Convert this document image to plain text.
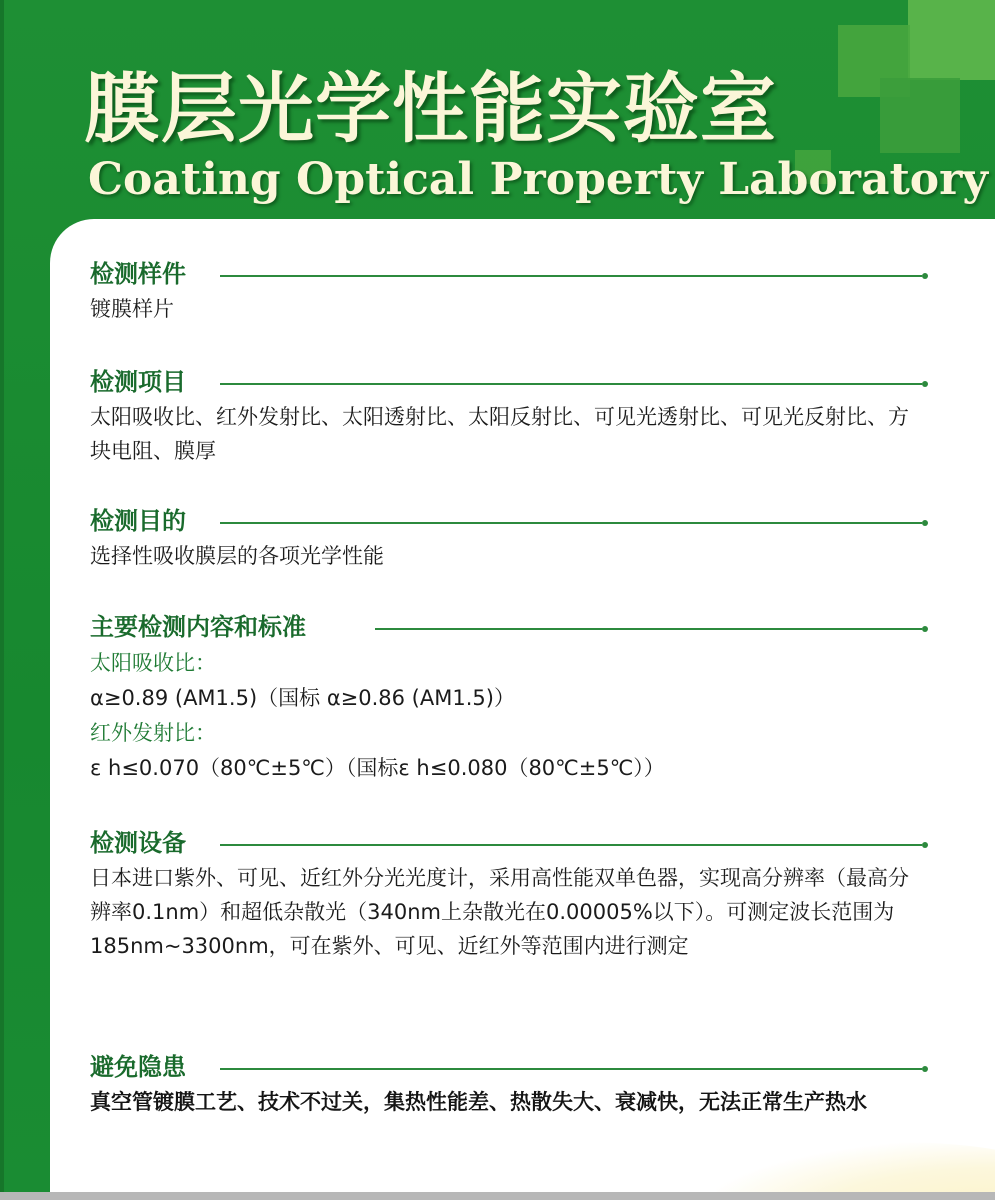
膜层光学性能实验室
Coating Optical Property Laboratory
检测样件

镀膜样片

检测项目

太阳吸收比、红外发射比、太阳透射比、太阳反射比、可见光透射比、可见光反射比、方块电阻、膜厚

检测目的

选择性吸收膜层的各项光学性能

主要检测内容和标准

太阳吸收比：

α≥0.89 (AM1.5)（国标 α≥0.86 (AM1.5)）

红外发射比：

ε h≤0.070（80℃±5℃）（国标ε h≤0.080（80℃±5℃））

检测设备

日本进口紫外、可见、近红外分光光度计，采用高性能双单色器，实现高分辨率（最高分辨率0.1nm）和超低杂散光（340nm上杂散光在0.00005%以下）。可测定波长范围为185nm~3300nm，可在紫外、可见、近红外等范围内进行测定

避免隐患

真空管镀膜工艺、技术不过关，集热性能差、热散失大、衰减快，无法正常生产热水
